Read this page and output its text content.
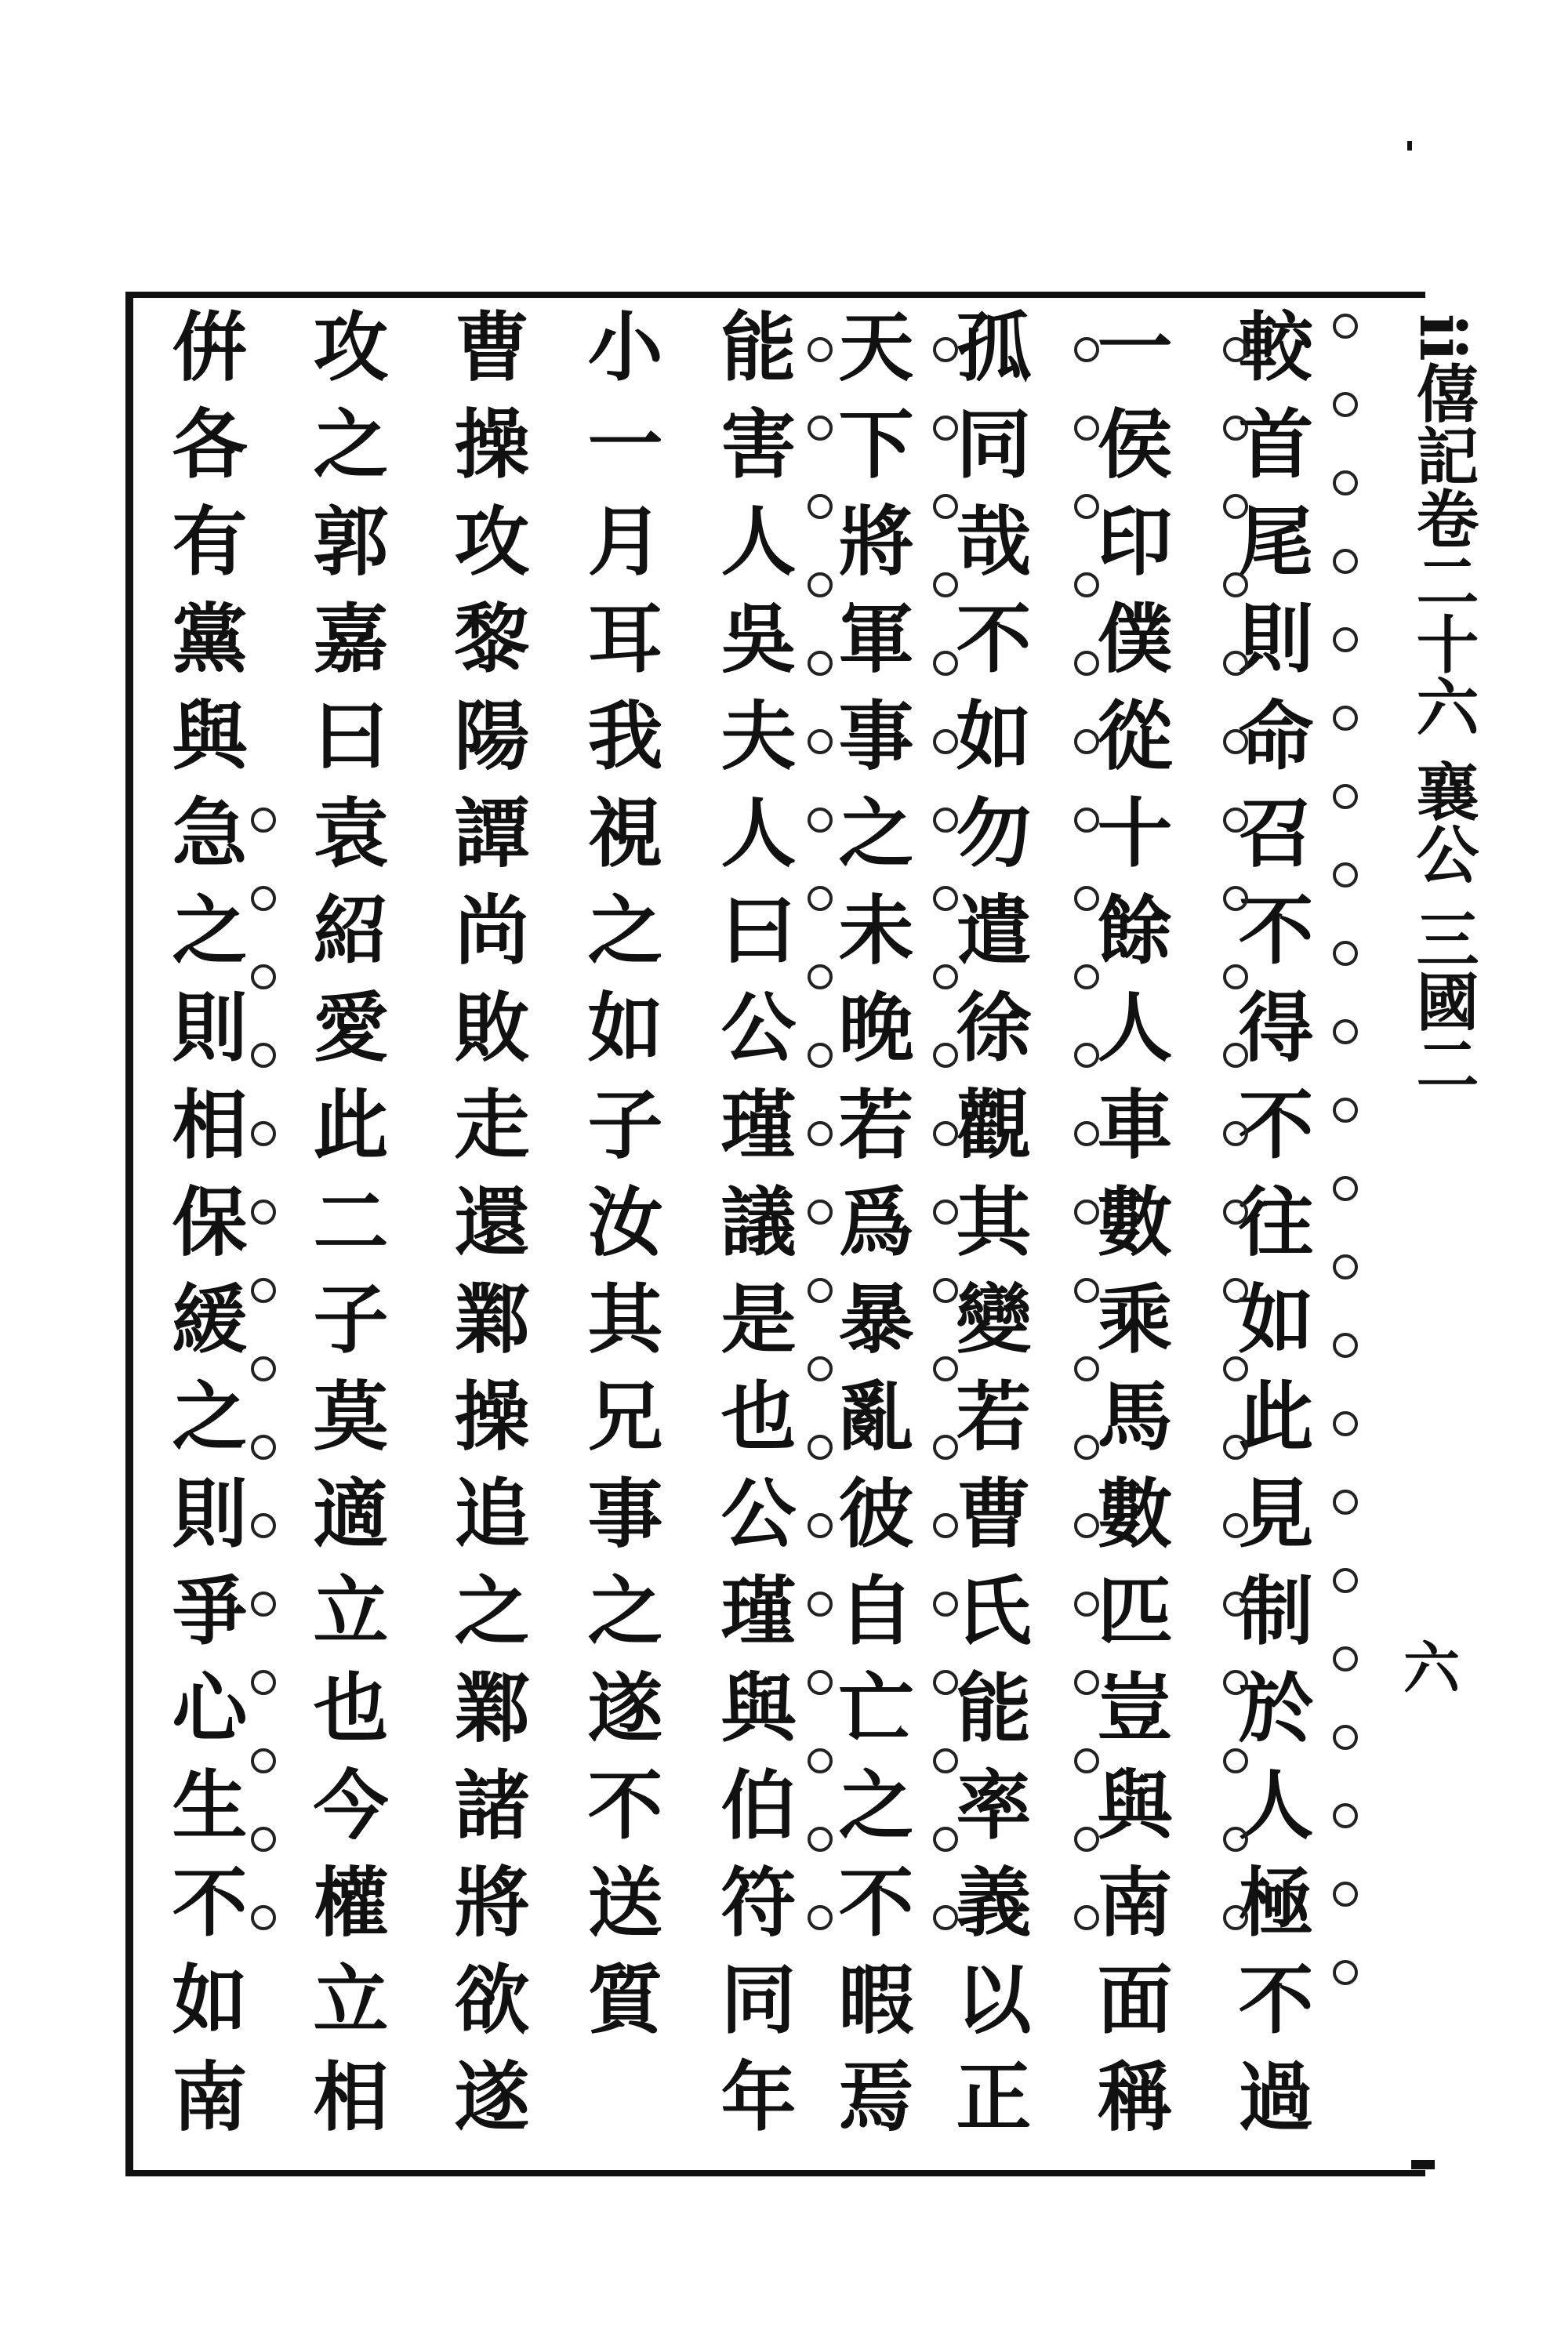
ii僖記卷二十六 襄公 三國二
較首尾則命召不得不往如此見制於人極不過
一侯印僕從十餘人車數乘馬數匹豈與南面稱
孤同哉不如勿遣徐觀其變若曹氏能率義以正
天下將軍事之未晚若爲暴亂彼自亡之不暇焉
能害人吳夫人曰公瑾議是也公瑾與伯符同年
小一月耳我視之如子汝其兄事之遂不送質
曹操攻黎陽譚尚敗走還鄴操追之鄴諸將欲遂
攻之郭嘉曰袁紹愛此二子莫適立也今權立相
倂各有黨與急之則相保緩之則爭心生不如南	六
